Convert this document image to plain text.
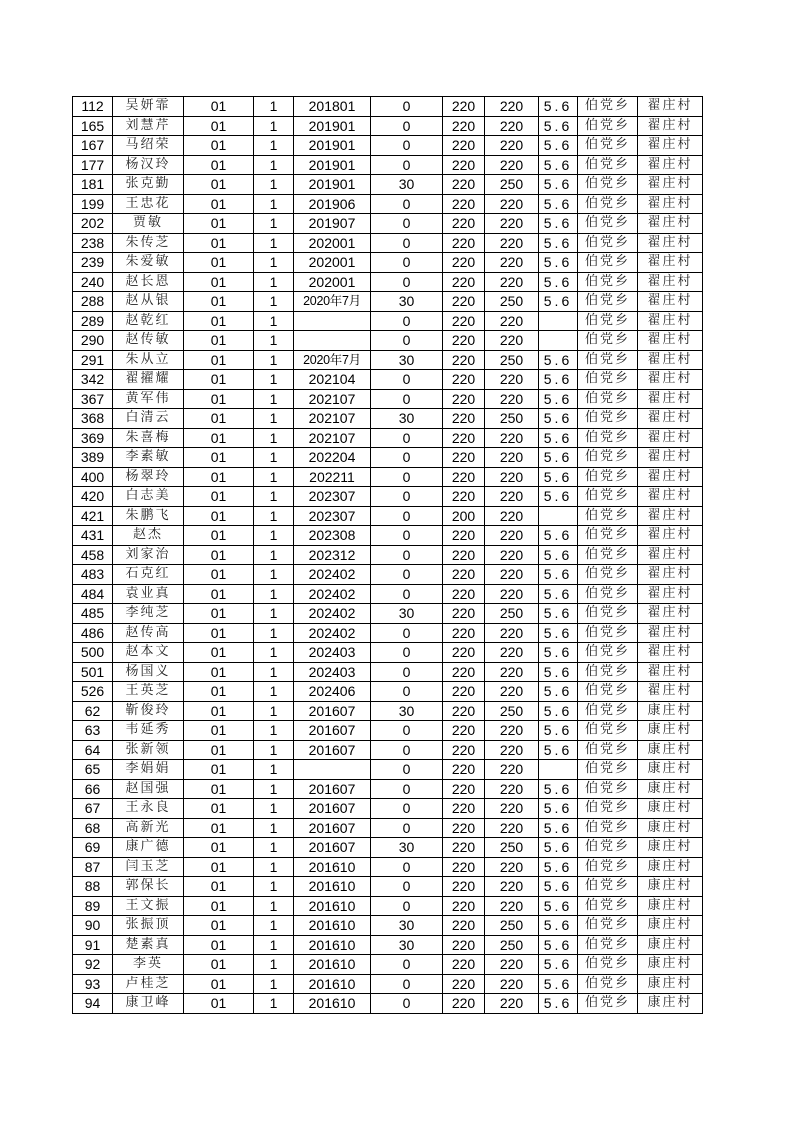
112	吴妍霏	01	1	201801	0	220	220	5.6	伯党乡	翟庄村
165	刘慧芹	01	1	201901	0	220	220	5.6	伯党乡	翟庄村
167	马绍荣	01	1	201901	0	220	220	5.6	伯党乡	翟庄村
177	杨汉玲	01	1	201901	0	220	220	5.6	伯党乡	翟庄村
181	张克勤	01	1	201901	30	220	250	5.6	伯党乡	翟庄村
199	王忠花	01	1	201906	0	220	220	5.6	伯党乡	翟庄村
202	贾敏	01	1	201907	0	220	220	5.6	伯党乡	翟庄村
238	朱传芝	01	1	202001	0	220	220	5.6	伯党乡	翟庄村
239	朱爱敏	01	1	202001	0	220	220	5.6	伯党乡	翟庄村
240	赵长恩	01	1	202001	0	220	220	5.6	伯党乡	翟庄村
288	赵从银	01	1	2020年7月	30	220	250	5.6	伯党乡	翟庄村
289	赵乾红	01	1		0	220	220		伯党乡	翟庄村
290	赵传敏	01	1		0	220	220		伯党乡	翟庄村
291	朱从立	01	1	2020年7月	30	220	250	5.6	伯党乡	翟庄村
342	翟擢耀	01	1	202104	0	220	220	5.6	伯党乡	翟庄村
367	黄军伟	01	1	202107	0	220	220	5.6	伯党乡	翟庄村
368	白清云	01	1	202107	30	220	250	5.6	伯党乡	翟庄村
369	朱喜梅	01	1	202107	0	220	220	5.6	伯党乡	翟庄村
389	李素敏	01	1	202204	0	220	220	5.6	伯党乡	翟庄村
400	杨翠玲	01	1	202211	0	220	220	5.6	伯党乡	翟庄村
420	白志美	01	1	202307	0	220	220	5.6	伯党乡	翟庄村
421	朱鹏飞	01	1	202307	0	200	220		伯党乡	翟庄村
431	赵杰	01	1	202308	0	220	220	5.6	伯党乡	翟庄村
458	刘家治	01	1	202312	0	220	220	5.6	伯党乡	翟庄村
483	石克红	01	1	202402	0	220	220	5.6	伯党乡	翟庄村
484	袁业真	01	1	202402	0	220	220	5.6	伯党乡	翟庄村
485	李纯芝	01	1	202402	30	220	250	5.6	伯党乡	翟庄村
486	赵传高	01	1	202402	0	220	220	5.6	伯党乡	翟庄村
500	赵本文	01	1	202403	0	220	220	5.6	伯党乡	翟庄村
501	杨国义	01	1	202403	0	220	220	5.6	伯党乡	翟庄村
526	王英芝	01	1	202406	0	220	220	5.6	伯党乡	翟庄村
62	靳俊玲	01	1	201607	30	220	250	5.6	伯党乡	康庄村
63	韦延秀	01	1	201607	0	220	220	5.6	伯党乡	康庄村
64	张新领	01	1	201607	0	220	220	5.6	伯党乡	康庄村
65	李娟娟	01	1		0	220	220		伯党乡	康庄村
66	赵国强	01	1	201607	0	220	220	5.6	伯党乡	康庄村
67	王永良	01	1	201607	0	220	220	5.6	伯党乡	康庄村
68	高新光	01	1	201607	0	220	220	5.6	伯党乡	康庄村
69	康广德	01	1	201607	30	220	250	5.6	伯党乡	康庄村
87	闫玉芝	01	1	201610	0	220	220	5.6	伯党乡	康庄村
88	郭保长	01	1	201610	0	220	220	5.6	伯党乡	康庄村
89	王文振	01	1	201610	0	220	220	5.6	伯党乡	康庄村
90	张振顶	01	1	201610	30	220	250	5.6	伯党乡	康庄村
91	楚素真	01	1	201610	30	220	250	5.6	伯党乡	康庄村
92	李英	01	1	201610	0	220	220	5.6	伯党乡	康庄村
93	卢桂芝	01	1	201610	0	220	220	5.6	伯党乡	康庄村
94	康卫峰	01	1	201610	0	220	220	5.6	伯党乡	康庄村
